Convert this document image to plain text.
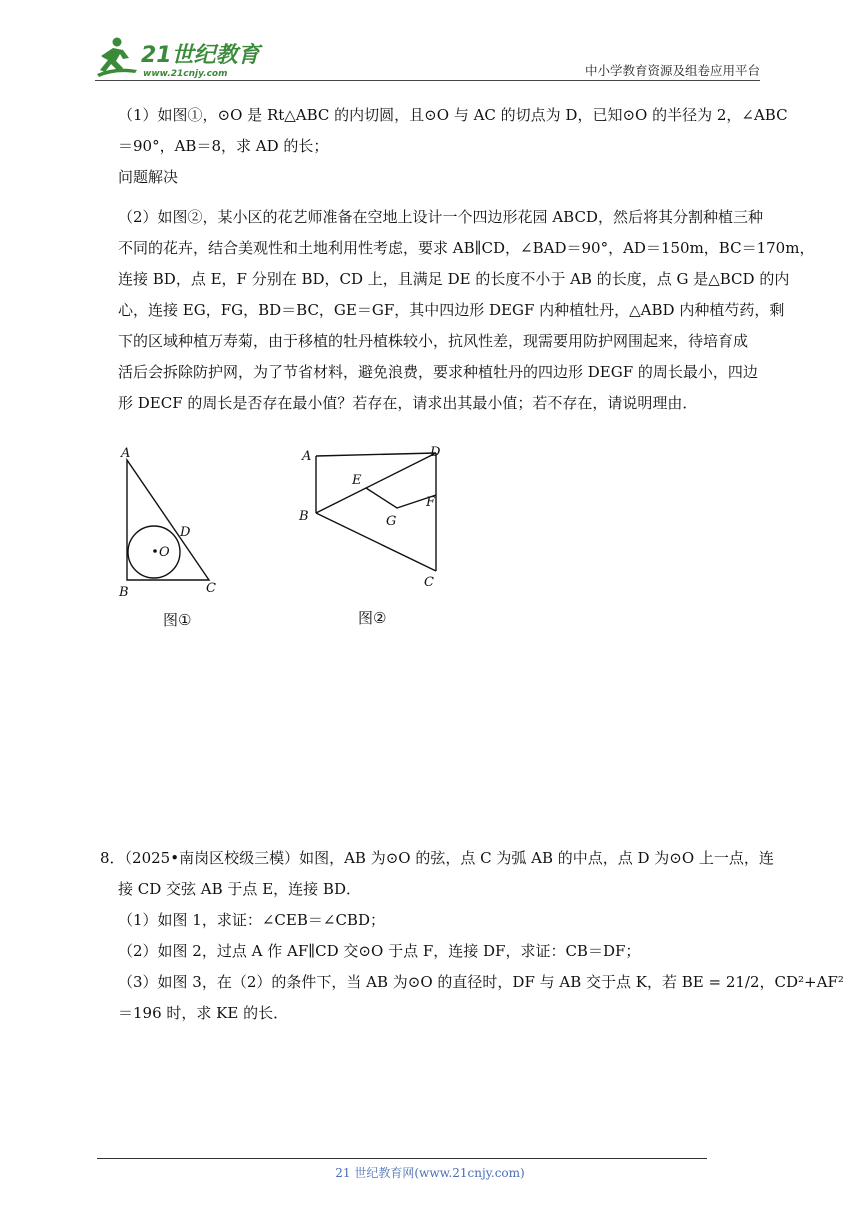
21世纪教育
www.21cnjy.com	中小学教育资源及组卷应用平台
（1）如图①，⊙O 是 Rt△ABC 的内切圆，且⊙O 与 AC 的切点为 D，已知⊙O 的半径为 2，∠ABC
＝90°，AB＝8，求 AD 的长；
问题解决
（2）如图②，某小区的花艺师准备在空地上设计一个四边形花园 ABCD，然后将其分割种植三种
不同的花卉，结合美观性和土地利用性考虑，要求 AB∥CD，∠BAD＝90°，AD＝150m，BC＝170m，
连接 BD，点 E，F 分别在 BD，CD 上，且满足 DE 的长度不小于 AB 的长度，点 G 是△BCD 的内
心，连接 EG，FG，BD＝BC，GE＝GF，其中四边形 DEGF 内种植牡丹，△ABD 内种植芍药，剩
下的区域种植万寿菊，由于移植的牡丹植株较小，抗风性差，现需要用防护网围起来，待培育成
活后会拆除防护网，为了节省材料，避免浪费，要求种植牡丹的四边形 DEGF 的周长最小，四边
形 DECF 的周长是否存在最小值？若存在，请求出其最小值；若不存在，请说明理由．
A
B	C
D
O
图①
A
B
C
D
E
F
G
图②
8．（2025•南岗区校级三模）如图，AB 为⊙O 的弦，点 C 为弧 AB 的中点，点 D 为⊙O 上一点，连
接 CD 交弦 AB 于点 E，连接 BD．
（1）如图 1，求证：∠CEB＝∠CBD；
（2）如图 2，过点 A 作 AF∥CD 交⊙O 于点 F，连接 DF，求证：CB＝DF；
（3）如图 3，在（2）的条件下，当 AB 为⊙O 的直径时，DF 与 AB 交于点 K，若 BE = 21/2，CD²+AF²
＝196 时，求 KE 的长．
21 世纪教育网(www.21cnjy.com)
